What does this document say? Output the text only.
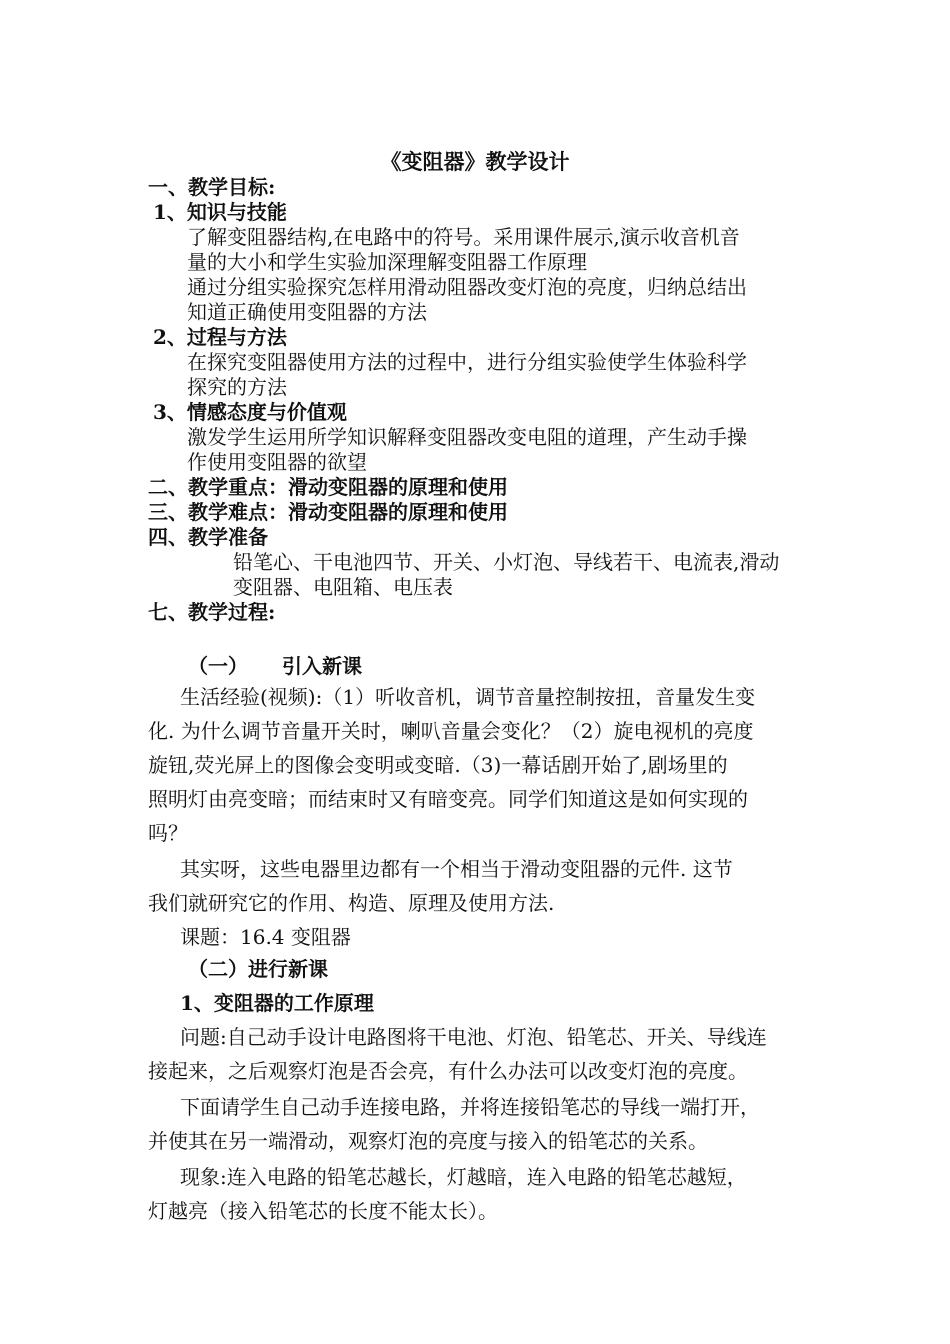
《变阻器》教学设计
一、教学目标:
1、知识与技能
了解变阻器结构,在电路中的符号。采用课件展示,演示收音机音
量的大小和学生实验加深理解变阻器工作原理
通过分组实验探究怎样用滑动阻器改变灯泡的亮度，归纳总结出
知道正确使用变阻器的方法
2、过程与方法
在探究变阻器使用方法的过程中，进行分组实验使学生体验科学
探究的方法
3、情感态度与价值观
激发学生运用所学知识解释变阻器改变电阻的道理，产生动手操
作使用变阻器的欲望
二、教学重点：滑动变阻器的原理和使用
三、教学难点：滑动变阻器的原理和使用
四、教学准备
铅笔心、干电池四节、开关、小灯泡、导线若干、电流表,滑动
变阻器、电阻箱、电压表
七、教学过程:
（一） 引入新课
生活经验(视频):（1）听收音机，调节音量控制按扭，音量发生变
化. 为什么调节音量开关时，喇叭音量会变化？（2）旋电视机的亮度
旋钮,荧光屏上的图像会变明或变暗.（3)一幕话剧开始了,剧场里的
照明灯由亮变暗；而结束时又有暗变亮。同学们知道这是如何实现的
吗？
其实呀，这些电器里边都有一个相当于滑动变阻器的元件. 这节
我们就研究它的作用、构造、原理及使用方法.
课题：16.4 变阻器
（二）进行新课
1、变阻器的工作原理
问题:自己动手设计电路图将干电池、灯泡、铅笔芯、开关、导线连
接起来，之后观察灯泡是否会亮，有什么办法可以改变灯泡的亮度。
下面请学生自己动手连接电路，并将连接铅笔芯的导线一端打开，
并使其在另一端滑动，观察灯泡的亮度与接入的铅笔芯的关系。
现象:连入电路的铅笔芯越长，灯越暗，连入电路的铅笔芯越短，
灯越亮（接入铅笔芯的长度不能太长）。
